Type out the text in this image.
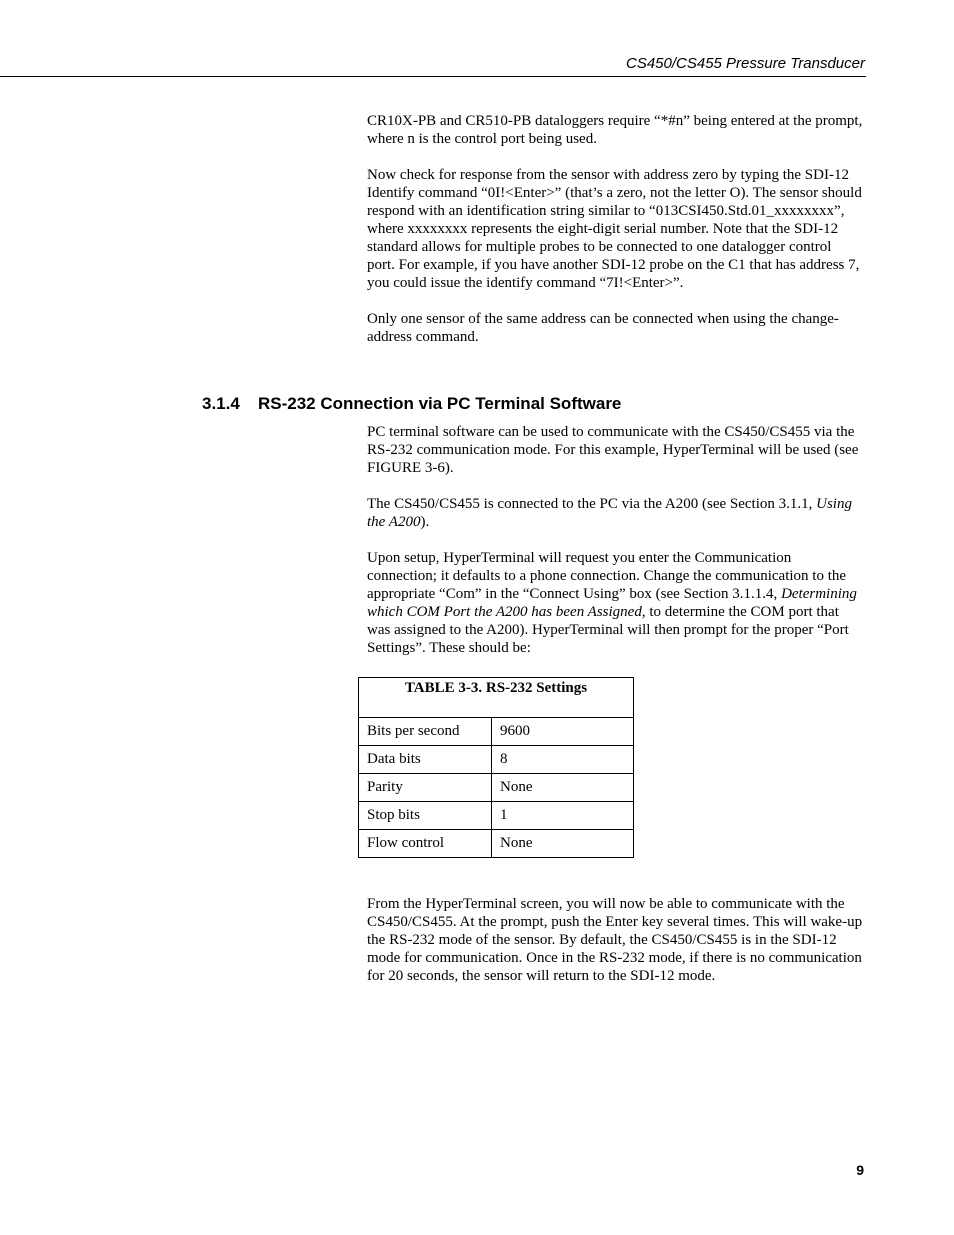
CS450/CS455 Pressure Transducer

CR10X-PB and CR510-PB dataloggers require “*#n” being entered at the prompt, where n is the control port being used.

Now check for response from the sensor with address zero by typing the SDI-12 Identify command “0I!<Enter>” (that’s a zero, not the letter O). The sensor should respond with an identification string similar to “013CSI450.Std.01_xxxxxxxx”, where xxxxxxxx represents the eight-digit serial number. Note that the SDI-12 standard allows for multiple probes to be connected to one datalogger control port. For example, if you have another SDI-12 probe on the C1 that has address 7, you could issue the identify command “7I!<Enter>”.

Only one sensor of the same address can be connected when using the change-address command.

3.1.4 RS-232 Connection via PC Terminal Software

PC terminal software can be used to communicate with the CS450/CS455 via the RS-232 communication mode. For this example, HyperTerminal will be used (see FIGURE 3-6).

The CS450/CS455 is connected to the PC via the A200 (see Section 3.1.1, Using the A200).

Upon setup, HyperTerminal will request you enter the Communication connection; it defaults to a phone connection. Change the communication to the appropriate “Com” in the “Connect Using” box (see Section 3.1.1.4, Determining which COM Port the A200 has been Assigned, to determine the COM port that was assigned to the A200). HyperTerminal will then prompt for the proper “Port Settings”. These should be:

TABLE 3-3. RS-232 Settings	
Bits per second	9600
Data bits	8
Parity	None
Stop bits	1
Flow control	None

From the HyperTerminal screen, you will now be able to communicate with the CS450/CS455. At the prompt, push the Enter key several times. This will wake-up the RS-232 mode of the sensor. By default, the CS450/CS455 is in the SDI-12 mode for communication. Once in the RS-232 mode, if there is no communication for 20 seconds, the sensor will return to the SDI-12 mode.

9
